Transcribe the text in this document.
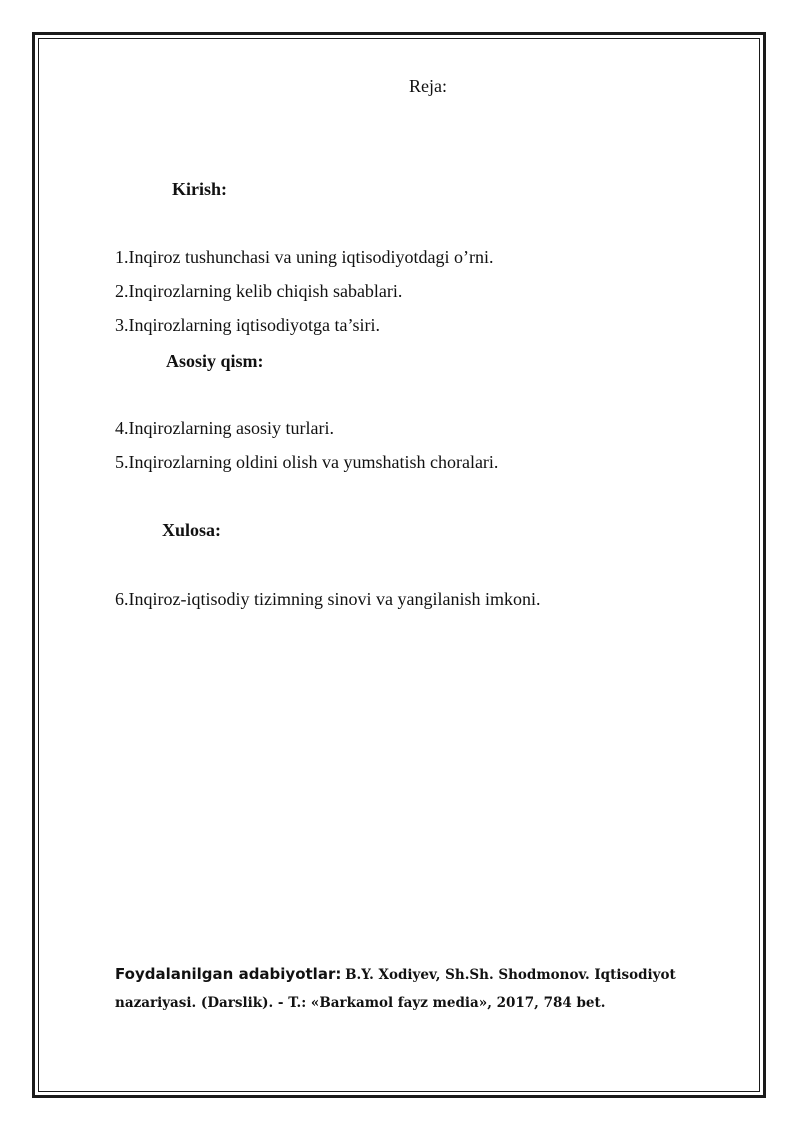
Reja:
Kirish:
1.Inqiroz tushunchasi va uning iqtisodiyotdagi o’rni.
2.Inqirozlarning kelib chiqish sabablari.
3.Inqirozlarning iqtisodiyotga ta’siri.
Asosiy qism:
4.Inqirozlarning asosiy turlari.
5.Inqirozlarning oldini olish va yumshatish choralari.
Xulosa:
6.Inqiroz-iqtisodiy tizimning sinovi va yangilanish imkoni.
Foydalanilgan adabiyotlar: B.Y. Xodiyev, Sh.Sh. Shodmonov. Iqtisodiyot nazariyasi. (Darslik). - T.: «Barkamol fayz media», 2017, 784 bet.
